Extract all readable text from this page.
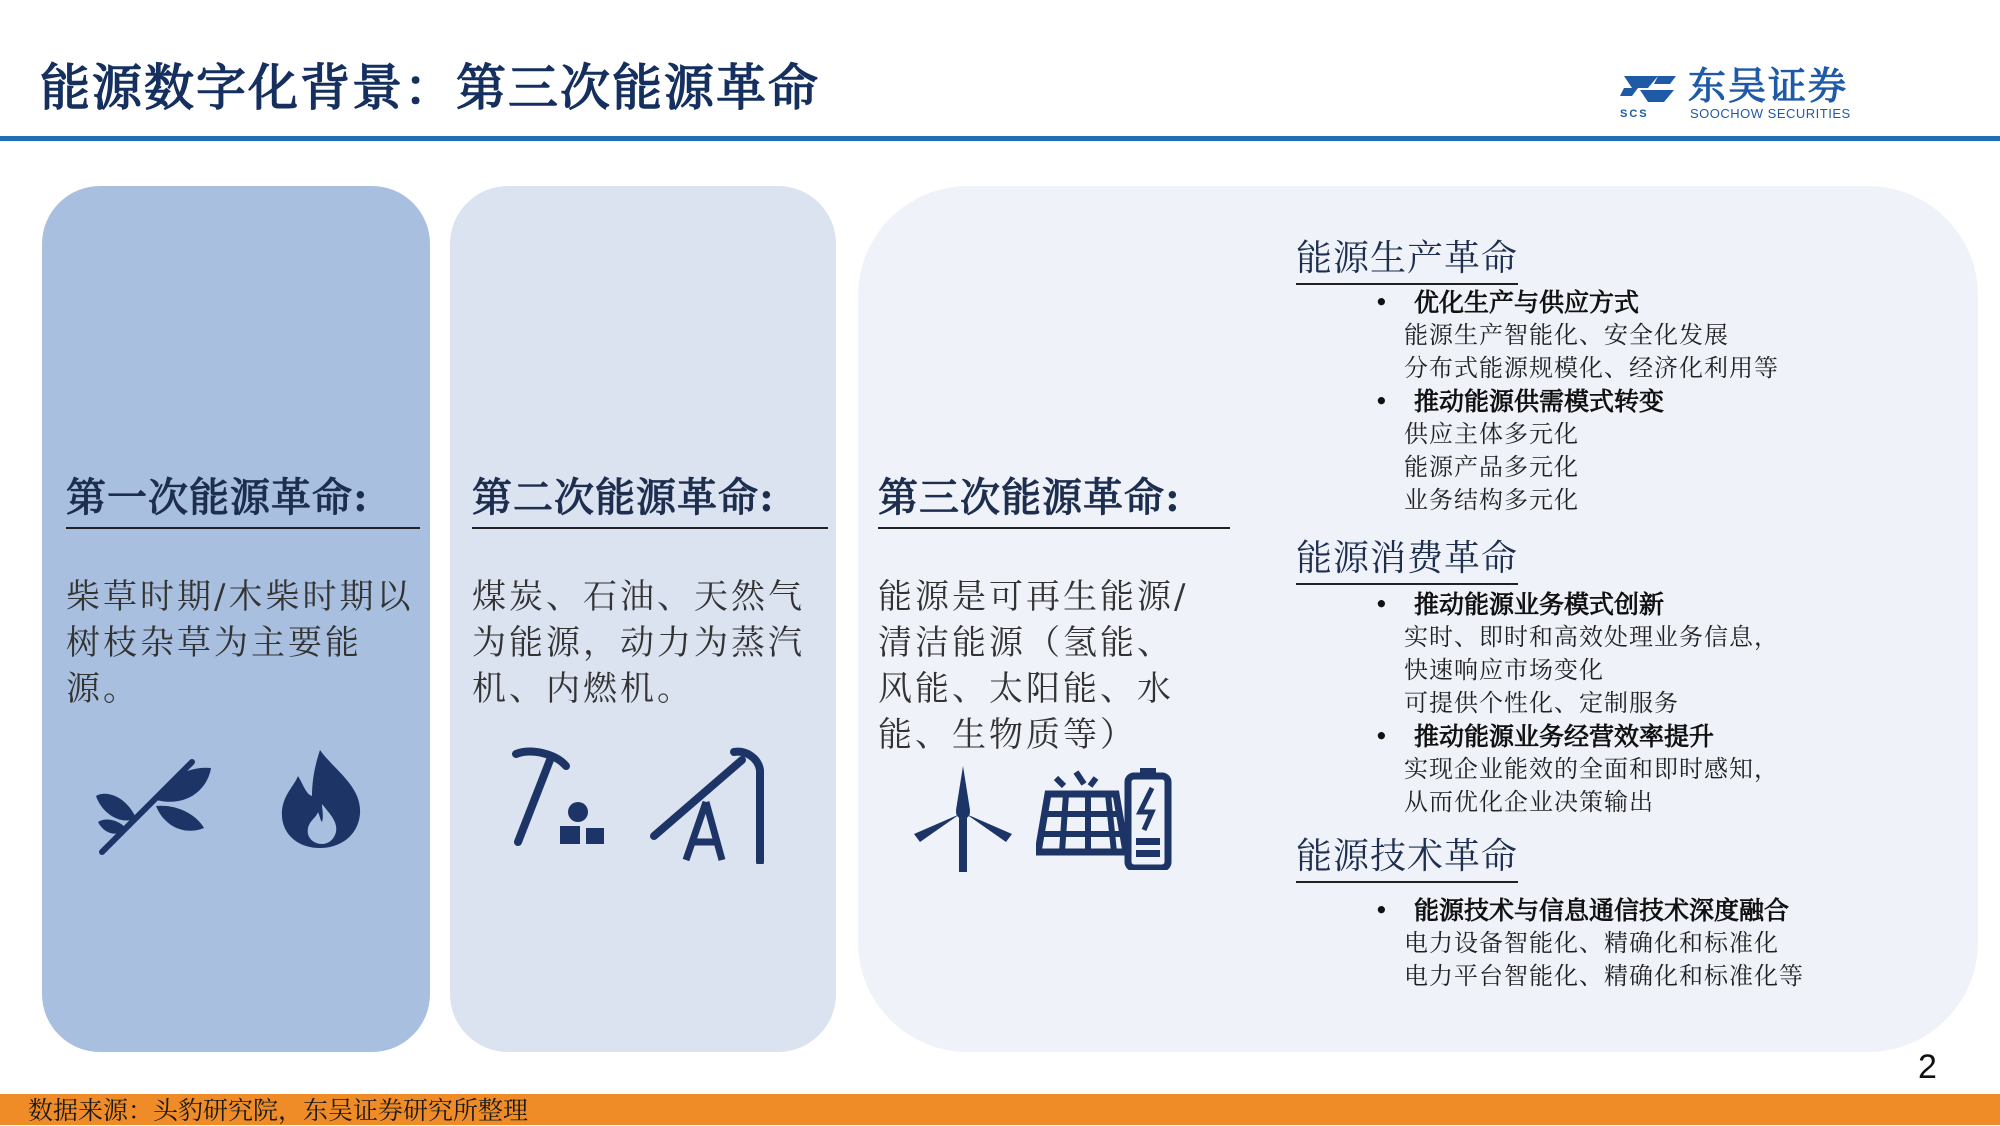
能源数字化背景：第三次能源革命	东吴证券
SOOCHOW SECURITIES
SCS
第一次能源革命:
柴草时期/木柴时期以树枝杂草为主要能源。
第二次能源革命:
煤炭、石油、天然气为能源，动力为蒸汽机、内燃机。
第三次能源革命:
能源是可再生能源/清洁能源（氢能、风能、太阳能、水能、生物质等）
能源生产革命
• 优化生产与供应方式
能源生产智能化、安全化发展
分布式能源规模化、经济化利用等
• 推动能源供需模式转变
供应主体多元化
能源产品多元化
业务结构多元化
能源消费革命
• 推动能源业务模式创新
实时、即时和高效处理业务信息，
快速响应市场变化
可提供个性化、定制服务
• 推动能源业务经营效率提升
实现企业能效的全面和即时感知，
从而优化企业决策输出
能源技术革命
• 能源技术与信息通信技术深度融合
电力设备智能化、精确化和标准化
电力平台智能化、精确化和标准化等
2
数据来源：头豹研究院，东吴证券研究所整理
